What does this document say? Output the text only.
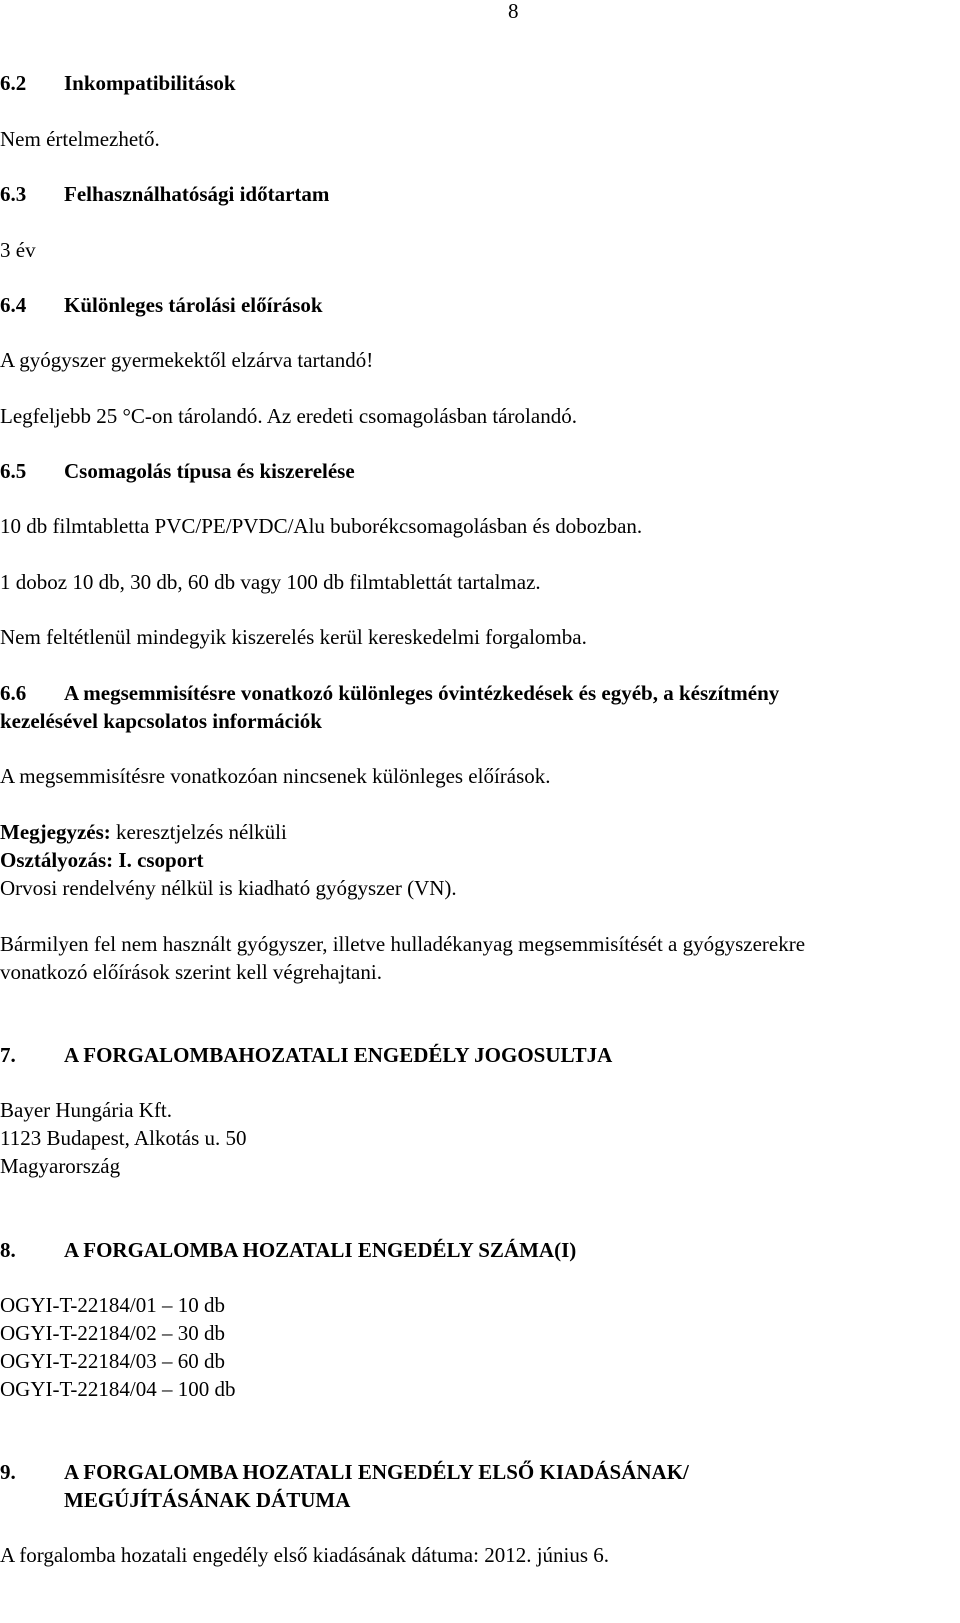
8
6.2 Inkompatibilitások
Nem értelmezhető.
6.3 Felhasználhatósági időtartam
3 év
6.4 Különleges tárolási előírások
A gyógyszer gyermekektől elzárva tartandó!
Legfeljebb 25 °C-on tárolandó. Az eredeti csomagolásban tárolandó.
6.5 Csomagolás típusa és kiszerelése
10 db filmtabletta PVC/PE/PVDC/Alu buborékcsomagolásban és dobozban.
1 doboz 10 db, 30 db, 60 db vagy 100 db filmtablettát tartalmaz.
Nem feltétlenül mindegyik kiszerelés kerül kereskedelmi forgalomba.
6.6 A megsemmisítésre vonatkozó különleges óvintézkedések és egyéb, a készítmény
kezelésével kapcsolatos információk
A megsemmisítésre vonatkozóan nincsenek különleges előírások.
Megjegyzés: keresztjelzés nélküli
Osztályozás: I. csoport
Orvosi rendelvény nélkül is kiadható gyógyszer (VN).
Bármilyen fel nem használt gyógyszer, illetve hulladékanyag megsemmisítését a gyógyszerekre
vonatkozó előírások szerint kell végrehajtani.
7. A FORGALOMBAHOZATALI ENGEDÉLY JOGOSULTJA
Bayer Hungária Kft.
1123 Budapest, Alkotás u. 50
Magyarország
8. A FORGALOMBA HOZATALI ENGEDÉLY SZÁMA(I)
OGYI-T-22184/01 – 10 db
OGYI-T-22184/02 – 30 db
OGYI-T-22184/03 – 60 db
OGYI-T-22184/04 – 100 db
9. A FORGALOMBA HOZATALI ENGEDÉLY ELSŐ KIADÁSÁNAK/
MEGÚJÍTÁSÁNAK DÁTUMA
A forgalomba hozatali engedély első kiadásának dátuma: 2012. június 6.
